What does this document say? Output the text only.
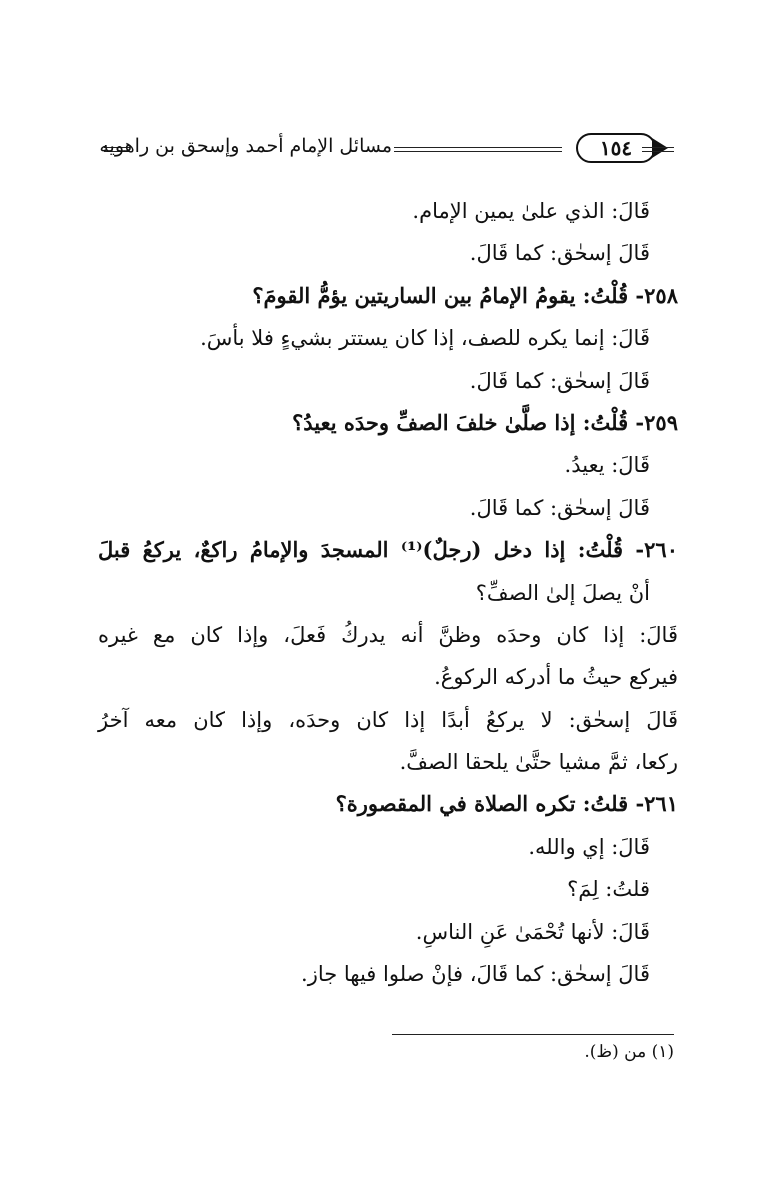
مسائل الإمام أحمد وإسحق بن راهويه	١٥٤
قَالَ: الذي علىٰ يمين الإمام.
قَالَ إسحٰق: كما قَالَ.
٢٥٨- قُلْتُ: يقومُ الإمامُ بين الساريتين يؤمُّ القومَ؟
قَالَ: إنما يكره للصف، إذا كان يستتر بشيءٍ فلا بأسَ.
قَالَ إسحٰق: كما قَالَ.
٢٥٩- قُلْتُ: إذا صلَّىٰ خلفَ الصفِّ وحدَه يعيدُ؟
قَالَ: يعيدُ.
قَالَ إسحٰق: كما قَالَ.
٢٦٠- قُلْتُ: إذا دخل (رجلٌ)⁽¹⁾ المسجدَ والإمامُ راكعٌ، يركعُ قبلَ
أنْ يصلَ إلىٰ الصفِّ؟
قَالَ: إذا كان وحدَه وظنَّ أنه يدركُ فَعلَ، وإذا كان مع غيره
فيركع حيثُ ما أدركه الركوعُ.
قَالَ إسحٰق: لا يركعُ أبدًا إذا كان وحدَه، وإذا كان معه آخرُ
ركعا، ثمَّ مشيا حتَّىٰ يلحقا الصفَّ.
٢٦١- قلتُ: تكره الصلاة في المقصورة؟
قَالَ: إي والله.
قلتُ: لِمَ؟
قَالَ: لأنها تُحْمَىٰ عَنِ الناسِ.
قَالَ إسحٰق: كما قَالَ، فإنْ صلوا فيها جاز.
(١) من (ظ).
